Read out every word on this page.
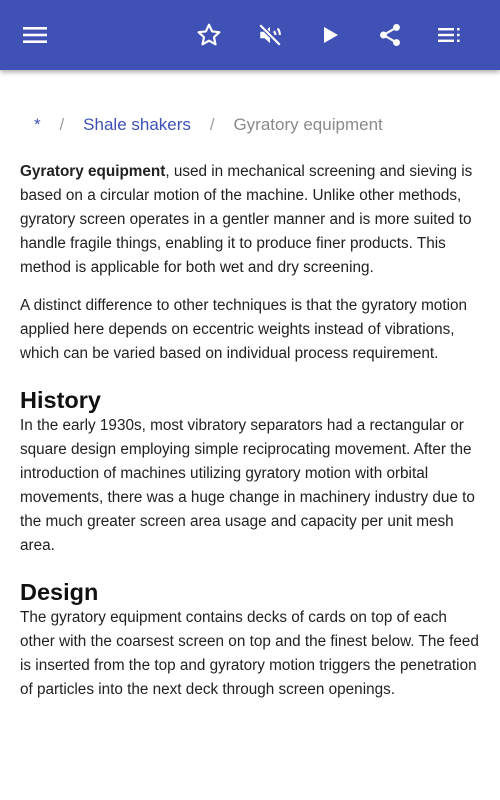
* / Shale shakers / Gyratory equipment

Gyratory equipment, used in mechanical screening and sieving is based on a circular motion of the machine. Unlike other methods, gyratory screen operates in a gentler manner and is more suited to handle fragile things, enabling it to produce finer products. This method is applicable for both wet and dry screening.

A distinct difference to other techniques is that the gyratory motion applied here depends on eccentric weights instead of vibrations, which can be varied based on individual process requirement.

History

In the early 1930s, most vibratory separators had a rectangular or square design employing simple reciprocating movement. After the introduction of machines utilizing gyratory motion with orbital movements, there was a huge change in machinery industry due to the much greater screen area usage and capacity per unit mesh area.

Design

The gyratory equipment contains decks of cards on top of each other with the coarsest screen on top and the finest below. The feed is inserted from the top and gyratory motion triggers the penetration of particles into the next deck through screen openings.
